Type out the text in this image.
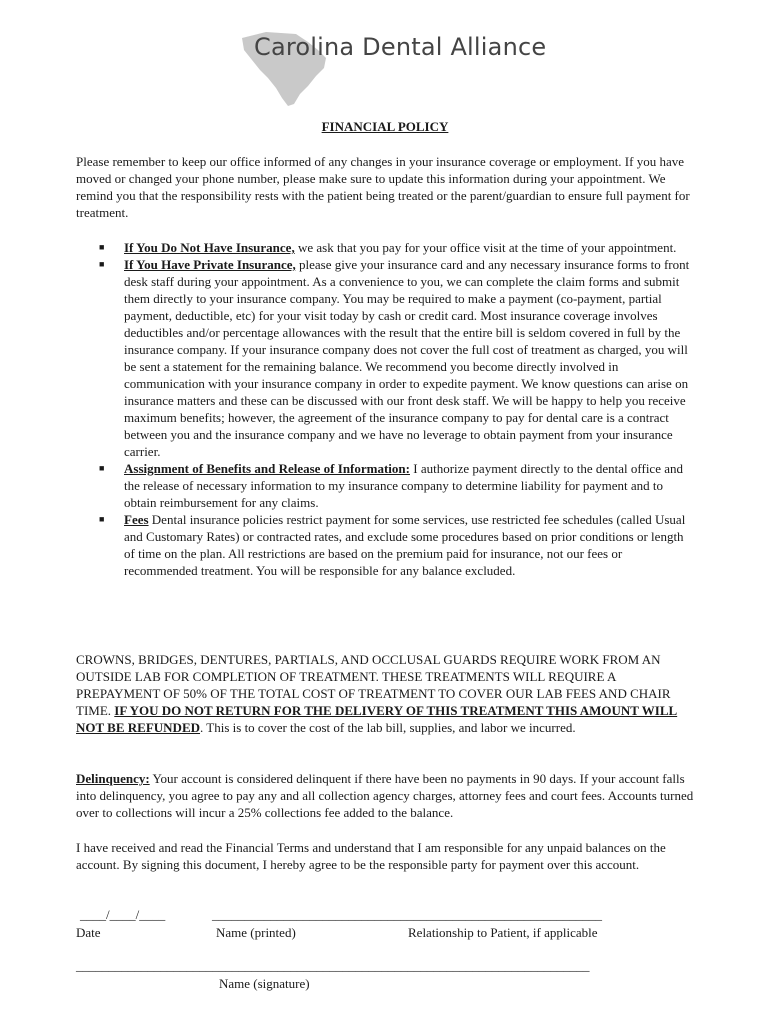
Carolina Dental Alliance
FINANCIAL POLICY
Please remember to keep our office informed of any changes in your insurance coverage or employment. If you have moved or changed your phone number, please make sure to update this information during your appointment. We remind you that the responsibility rests with the patient being treated or the parent/guardian to ensure full payment for treatment.
■ If You Do Not Have Insurance, we ask that you pay for your office visit at the time of your appointment.
■ If You Have Private Insurance, please give your insurance card and any necessary insurance forms to front desk staff during your appointment. As a convenience to you, we can complete the claim forms and submit them directly to your insurance company. You may be required to make a payment (co-payment, partial payment, deductible, etc) for your visit today by cash or credit card. Most insurance coverage involves deductibles and/or percentage allowances with the result that the entire bill is seldom covered in full by the insurance company. If your insurance company does not cover the full cost of treatment as charged, you will be sent a statement for the remaining balance. We recommend you become directly involved in communication with your insurance company in order to expedite payment. We know questions can arise on insurance matters and these can be discussed with our front desk staff. We will be happy to help you receive maximum benefits; however, the agreement of the insurance company to pay for dental care is a contract between you and the insurance company and we have no leverage to obtain payment from your insurance carrier.
■ Assignment of Benefits and Release of Information: I authorize payment directly to the dental office and the release of necessary information to my insurance company to determine liability for payment and to obtain reimbursement for any claims.
■ Fees Dental insurance policies restrict payment for some services, use restricted fee schedules (called Usual and Customary Rates) or contracted rates, and exclude some procedures based on prior conditions or length of time on the plan. All restrictions are based on the premium paid for insurance, not our fees or recommended treatment. You will be responsible for any balance excluded.
CROWNS, BRIDGES, DENTURES, PARTIALS, AND OCCLUSAL GUARDS REQUIRE WORK FROM AN OUTSIDE LAB FOR COMPLETION OF TREATMENT. THESE TREATMENTS WILL REQUIRE A PREPAYMENT OF 50% OF THE TOTAL COST OF TREATMENT TO COVER OUR LAB FEES AND CHAIR TIME. IF YOU DO NOT RETURN FOR THE DELIVERY OF THIS TREATMENT THIS AMOUNT WILL NOT BE REFUNDED. This is to cover the cost of the lab bill, supplies, and labor we incurred.
Delinquency: Your account is considered delinquent if there have been no payments in 90 days. If your account falls into delinquency, you agree to pay any and all collection agency charges, attorney fees and court fees. Accounts turned over to collections will incur a 25% collections fee added to the balance.
I have received and read the Financial Terms and understand that I am responsible for any unpaid balances on the account. By signing this document, I hereby agree to be the responsible party for payment over this account.
____/____/____	____________________________________________________________
Date	Name (printed)	Relationship to Patient, if applicable
_______________________________________________________________________________
Name (signature)
